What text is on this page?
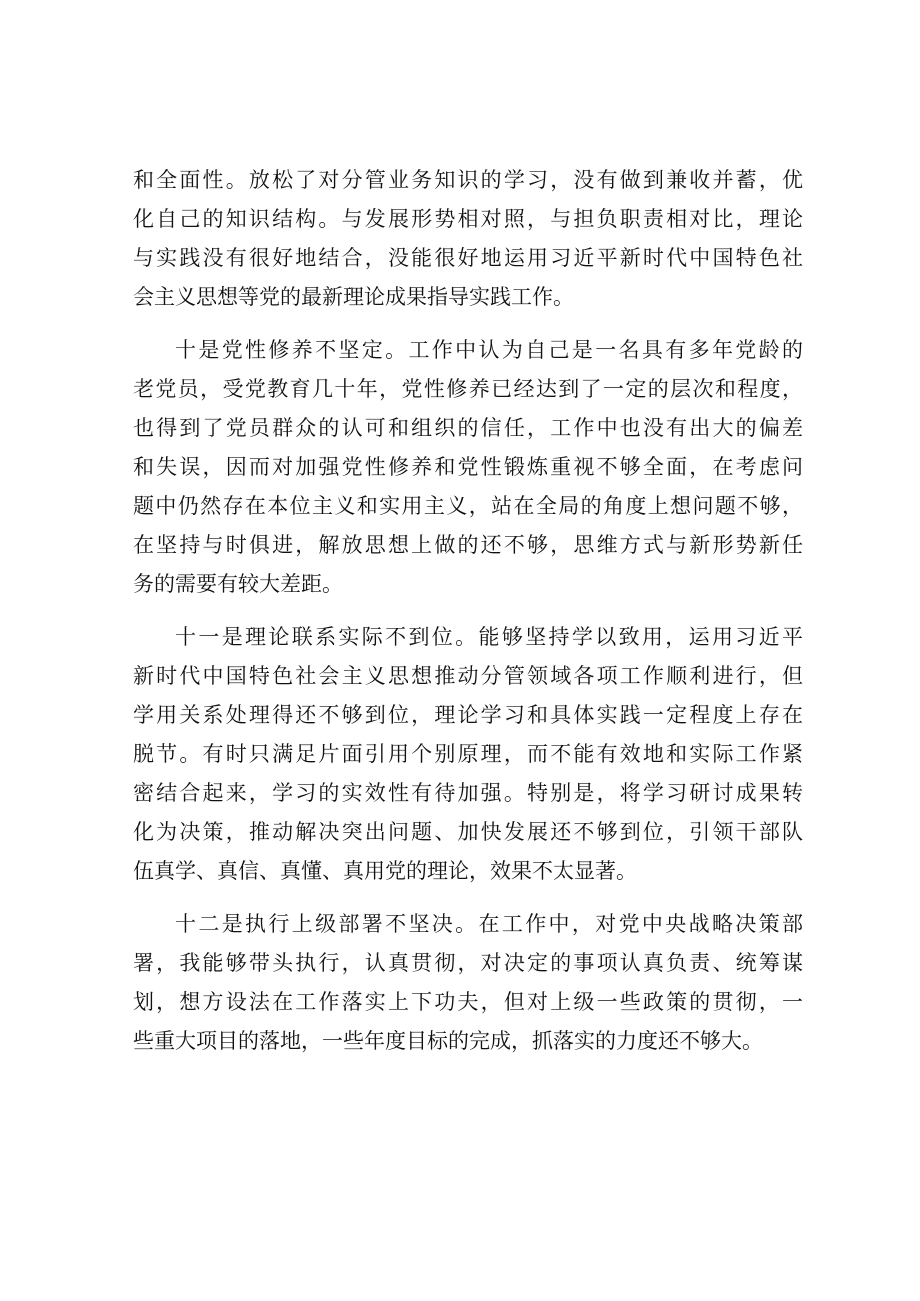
和全面性。放松了对分管业务知识的学习，没有做到兼收并蓄，优
化自己的知识结构。与发展形势相对照，与担负职责相对比，理论
与实践没有很好地结合，没能很好地运用习近平新时代中国特色社
会主义思想等党的最新理论成果指导实践工作。

十是党性修养不坚定。工作中认为自己是一名具有多年党龄的
老党员，受党教育几十年，党性修养已经达到了一定的层次和程度，
也得到了党员群众的认可和组织的信任，工作中也没有出大的偏差
和失误，因而对加强党性修养和党性锻炼重视不够全面，在考虑问
题中仍然存在本位主义和实用主义，站在全局的角度上想问题不够，
在坚持与时俱进，解放思想上做的还不够，思维方式与新形势新任
务的需要有较大差距。

十一是理论联系实际不到位。能够坚持学以致用，运用习近平
新时代中国特色社会主义思想推动分管领域各项工作顺利进行，但
学用关系处理得还不够到位，理论学习和具体实践一定程度上存在
脱节。有时只满足片面引用个别原理，而不能有效地和实际工作紧
密结合起来，学习的实效性有待加强。特别是，将学习研讨成果转
化为决策，推动解决突出问题、加快发展还不够到位，引领干部队
伍真学、真信、真懂、真用党的理论，效果不太显著。

十二是执行上级部署不坚决。在工作中，对党中央战略决策部
署，我能够带头执行，认真贯彻，对决定的事项认真负责、统筹谋
划，想方设法在工作落实上下功夫，但对上级一些政策的贯彻，一
些重大项目的落地，一些年度目标的完成，抓落实的力度还不够大。
